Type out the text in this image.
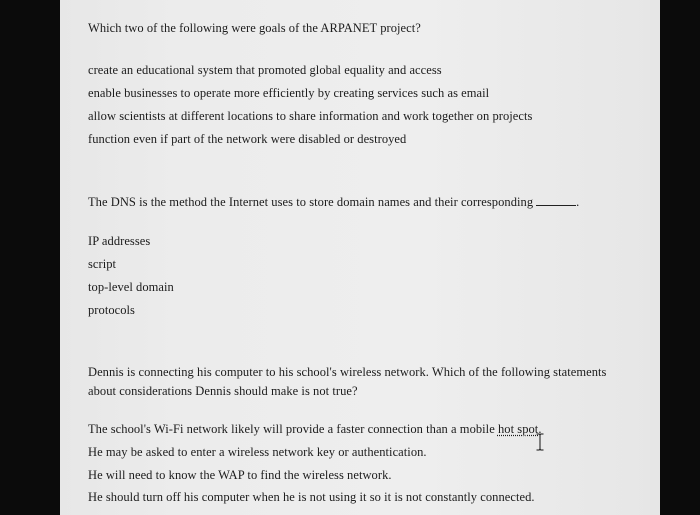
Which two of the following were goals of the ARPANET project?
create an educational system that promoted global equality and access
enable businesses to operate more efficiently by creating services such as email
allow scientists at different locations to share information and work together on projects
function even if part of the network were disabled or destroyed
The DNS is the method the Internet uses to store domain names and their corresponding	.
IP addresses
script
top-level domain
protocols
Dennis is connecting his computer to his school's wireless network. Which of the following statements
about considerations Dennis should make is not true?
The school's Wi-Fi network likely will provide a faster connection than a mobile hot spot.
He may be asked to enter a wireless network key or authentication.
He will need to know the WAP to find the wireless network.
He should turn off his computer when he is not using it so it is not constantly connected.
